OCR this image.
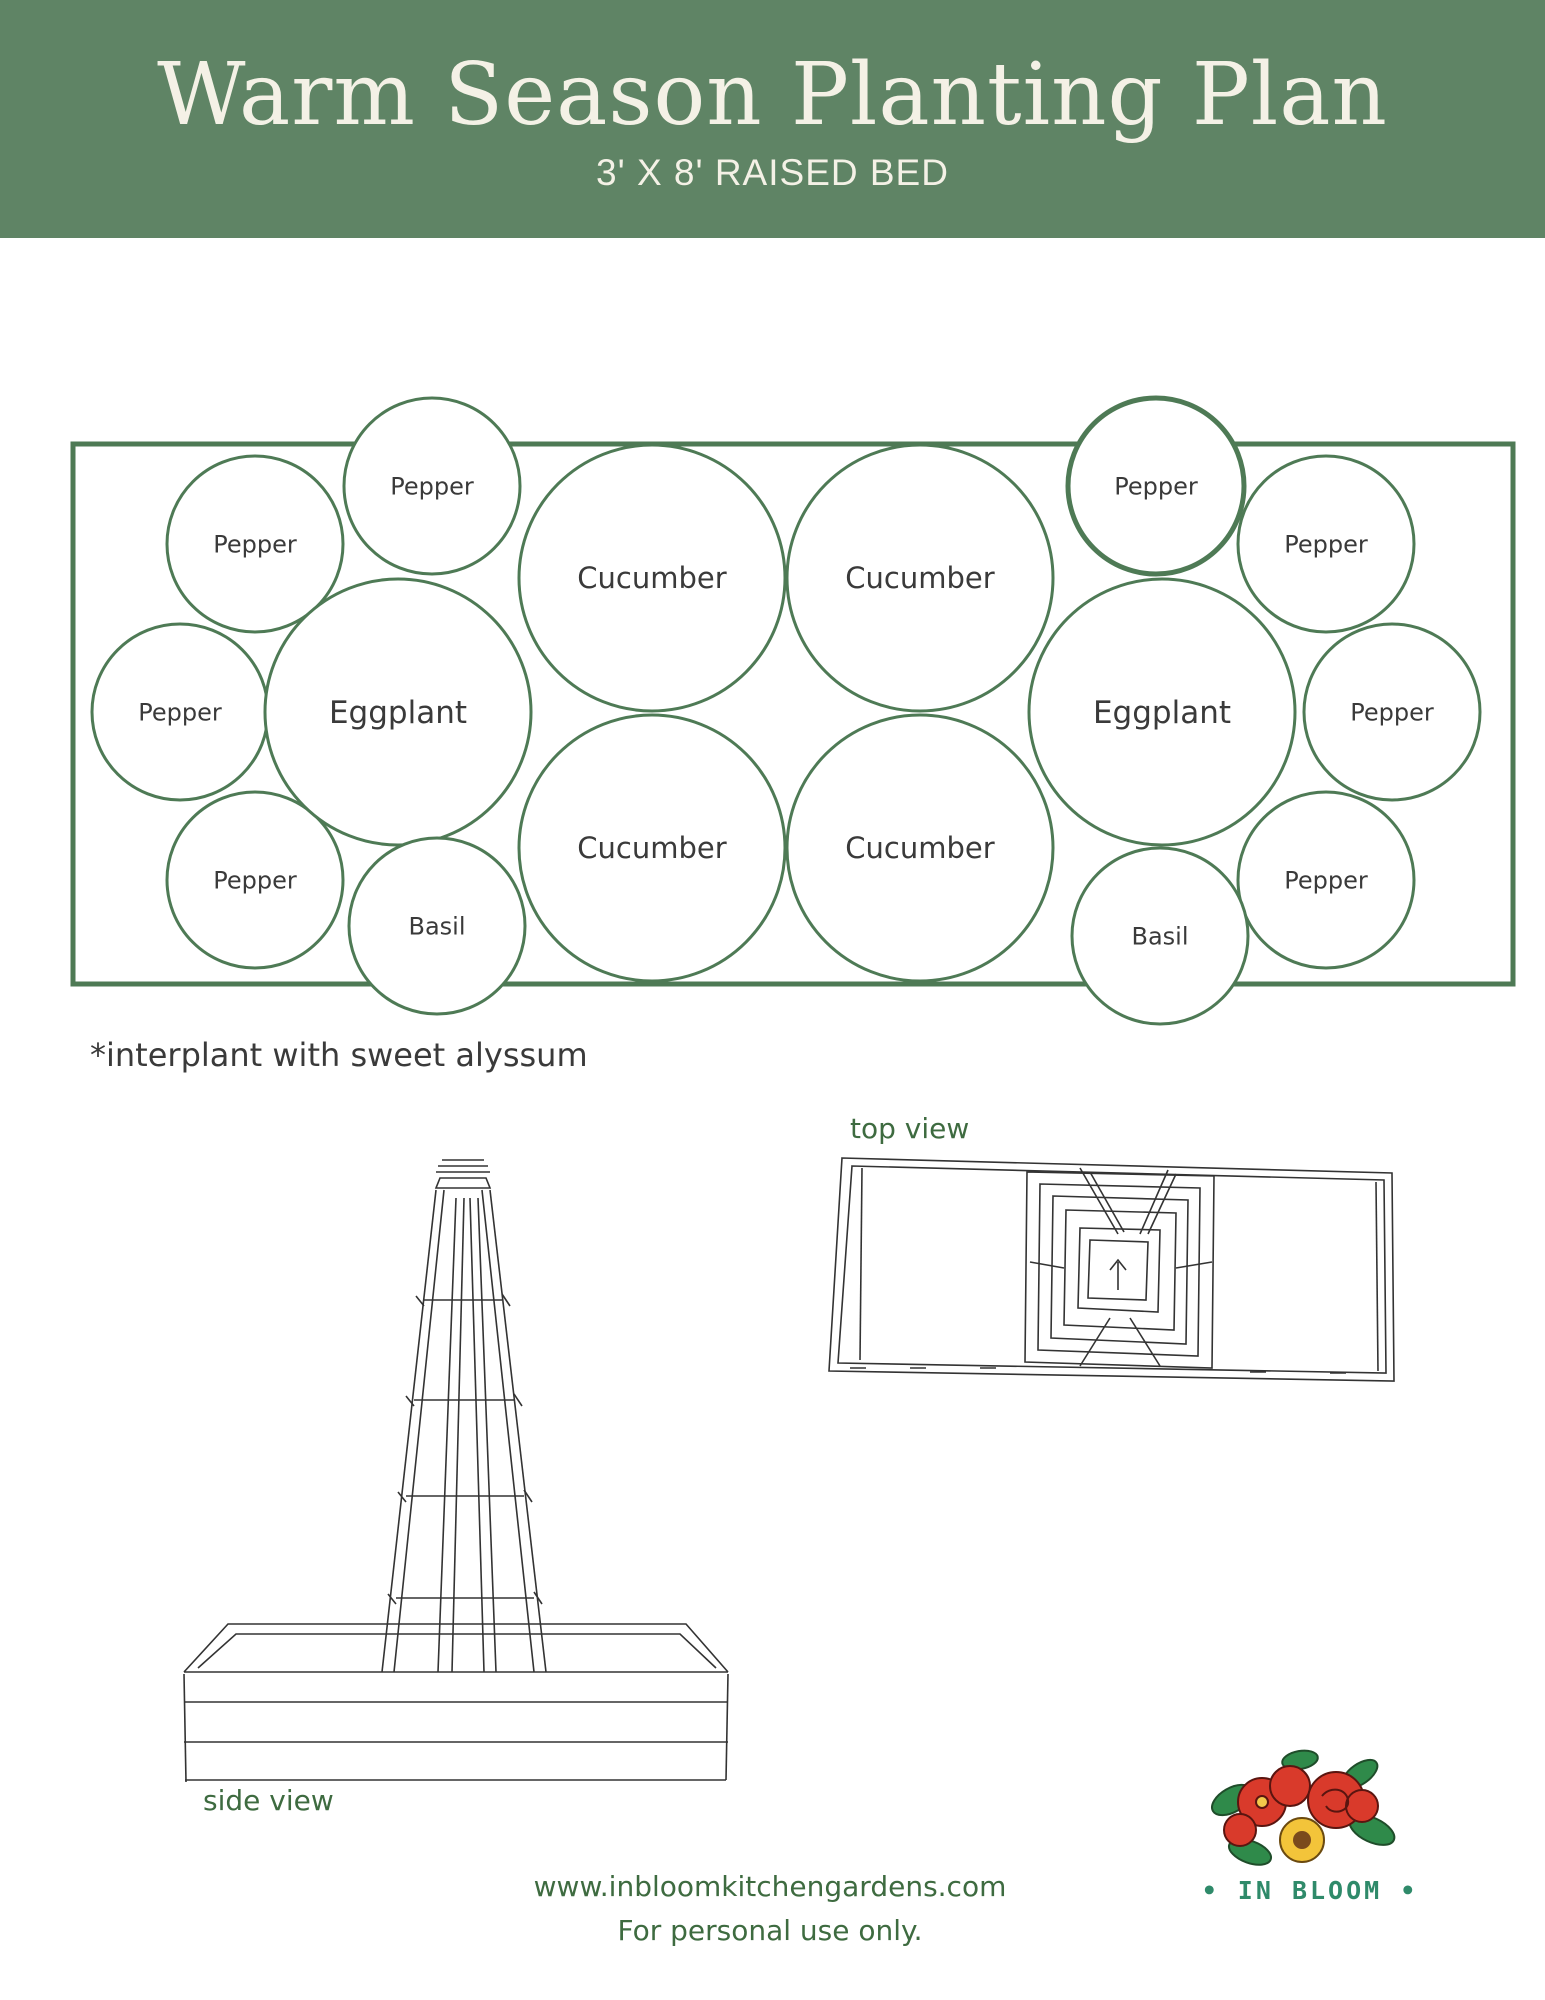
Warm Season Planting Plan
3' X 8' RAISED BED
Pepper
Pepper
Pepper
Pepper
Eggplant
Basil
Cucumber	Cucumber
Cucumber	Cucumber
Pepper
Pepper
Eggplant	Pepper
Pepper
Basil
*interplant with sweet alyssum
top view
side view
www.inbloomkitchengardens.com
For personal use only.
• IN BLOOM •
